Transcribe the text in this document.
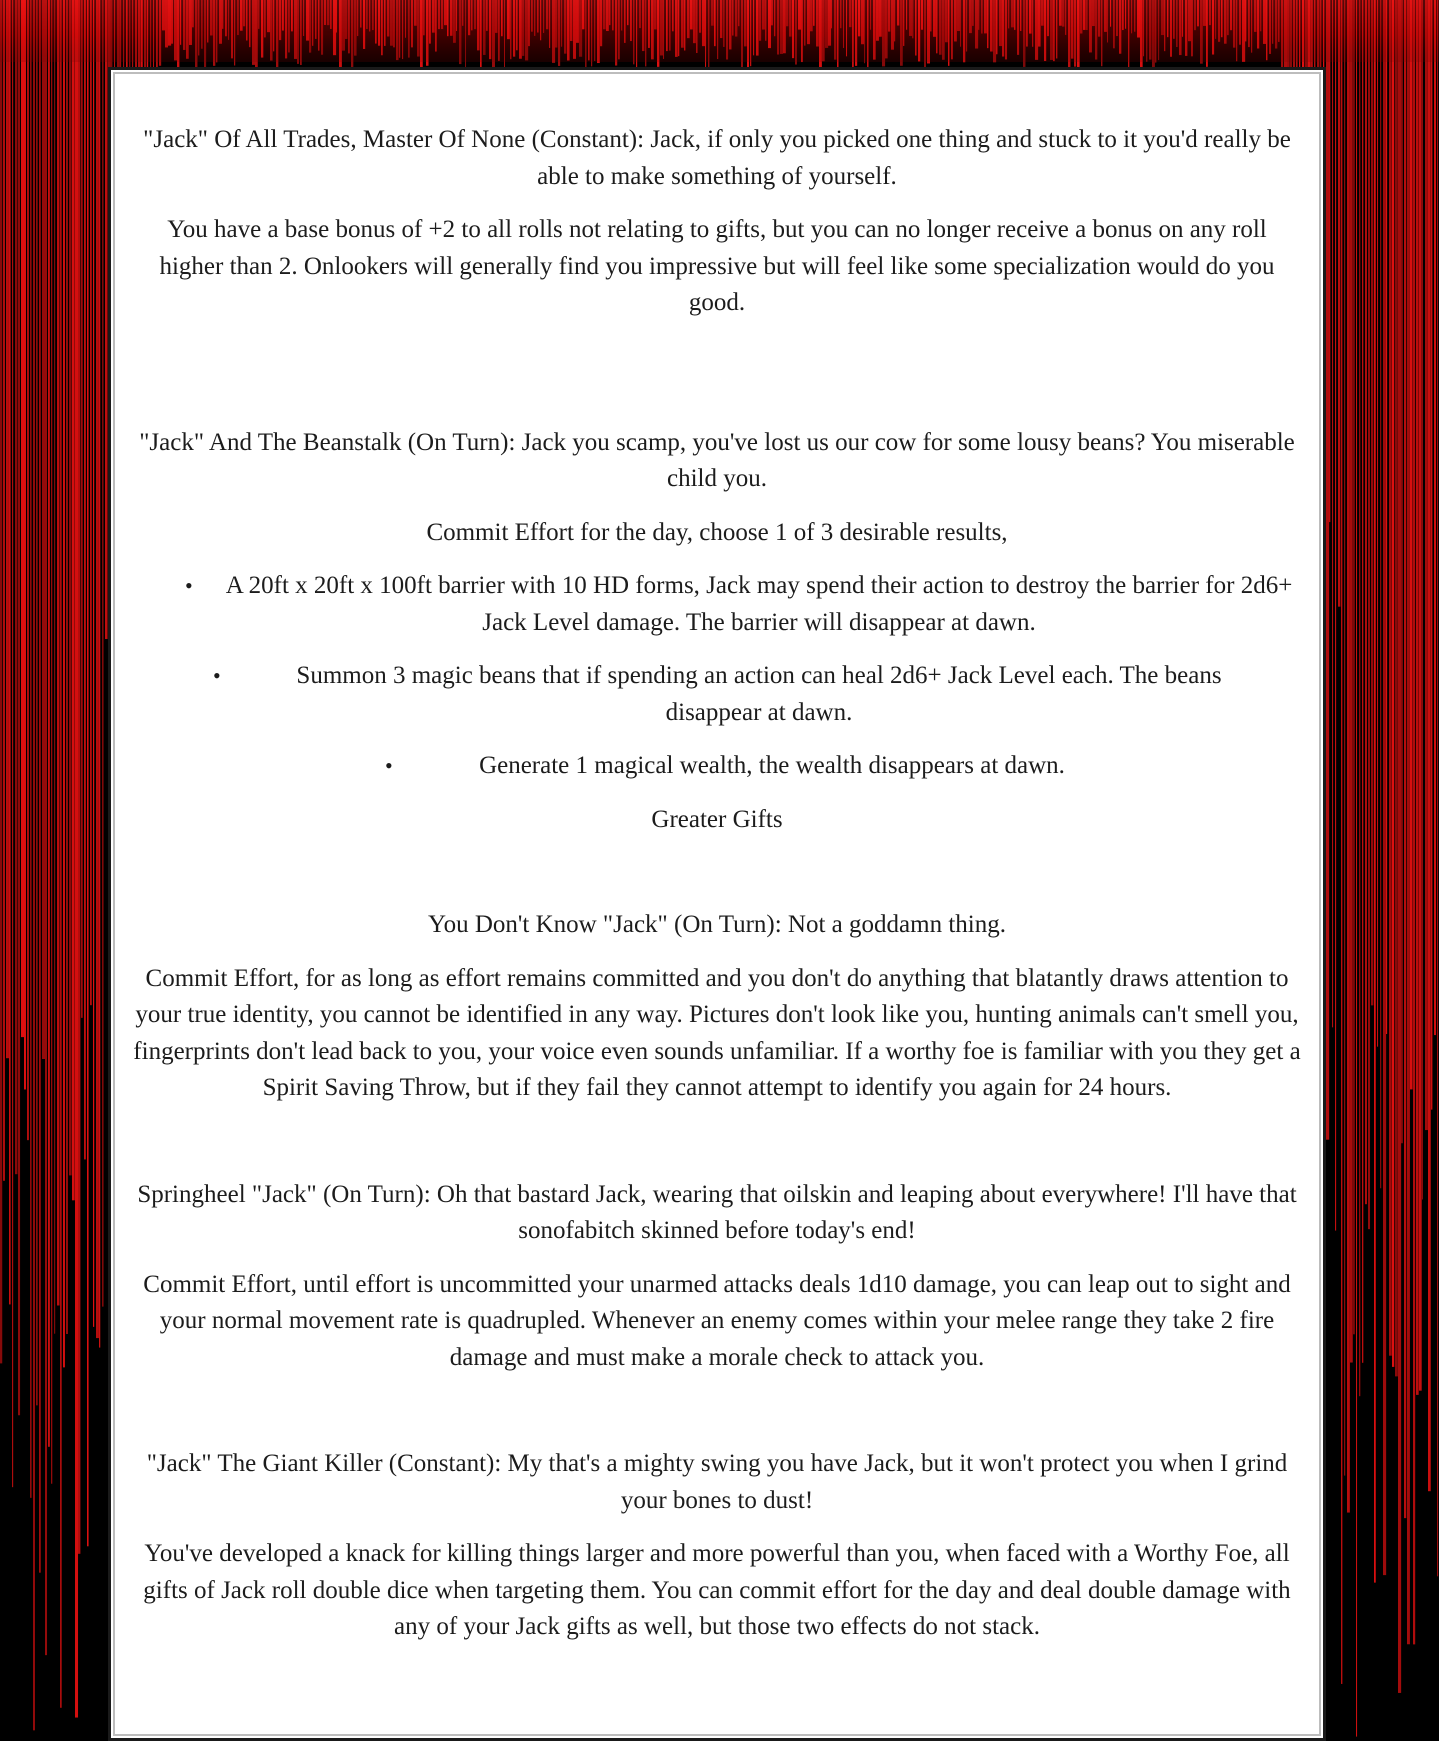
"Jack" Of All Trades, Master Of None (Constant): Jack, if only you picked one thing and stuck to it you'd really be able to make something of yourself.

You have a base bonus of +2 to all rolls not relating to gifts, but you can no longer receive a bonus on any roll higher than 2. Onlookers will generally find you impressive but will feel like some specialization would do you good.

"Jack" And The Beanstalk (On Turn): Jack you scamp, you've lost us our cow for some lousy beans? You miserable child you.

Commit Effort for the day, choose 1 of 3 desirable results,

• A 20ft x 20ft x 100ft barrier with 10 HD forms, Jack may spend their action to destroy the barrier for 2d6+ Jack Level damage. The barrier will disappear at dawn.

•	Summon 3 magic beans that if spending an action can heal 2d6+ Jack Level each. The beans disappear at dawn.

•	Generate 1 magical wealth, the wealth disappears at dawn.

Greater Gifts

You Don't Know "Jack" (On Turn): Not a goddamn thing.

Commit Effort, for as long as effort remains committed and you don't do anything that blatantly draws attention to your true identity, you cannot be identified in any way. Pictures don't look like you, hunting animals can't smell you, fingerprints don't lead back to you, your voice even sounds unfamiliar. If a worthy foe is familiar with you they get a Spirit Saving Throw, but if they fail they cannot attempt to identify you again for 24 hours.

Springheel "Jack" (On Turn): Oh that bastard Jack, wearing that oilskin and leaping about everywhere! I'll have that sonofabitch skinned before today's end!

Commit Effort, until effort is uncommitted your unarmed attacks deals 1d10 damage, you can leap out to sight and your normal movement rate is quadrupled. Whenever an enemy comes within your melee range they take 2 fire damage and must make a morale check to attack you.

"Jack" The Giant Killer (Constant): My that's a mighty swing you have Jack, but it won't protect you when I grind your bones to dust!

You've developed a knack for killing things larger and more powerful than you, when faced with a Worthy Foe, all gifts of Jack roll double dice when targeting them. You can commit effort for the day and deal double damage with any of your Jack gifts as well, but those two effects do not stack.
